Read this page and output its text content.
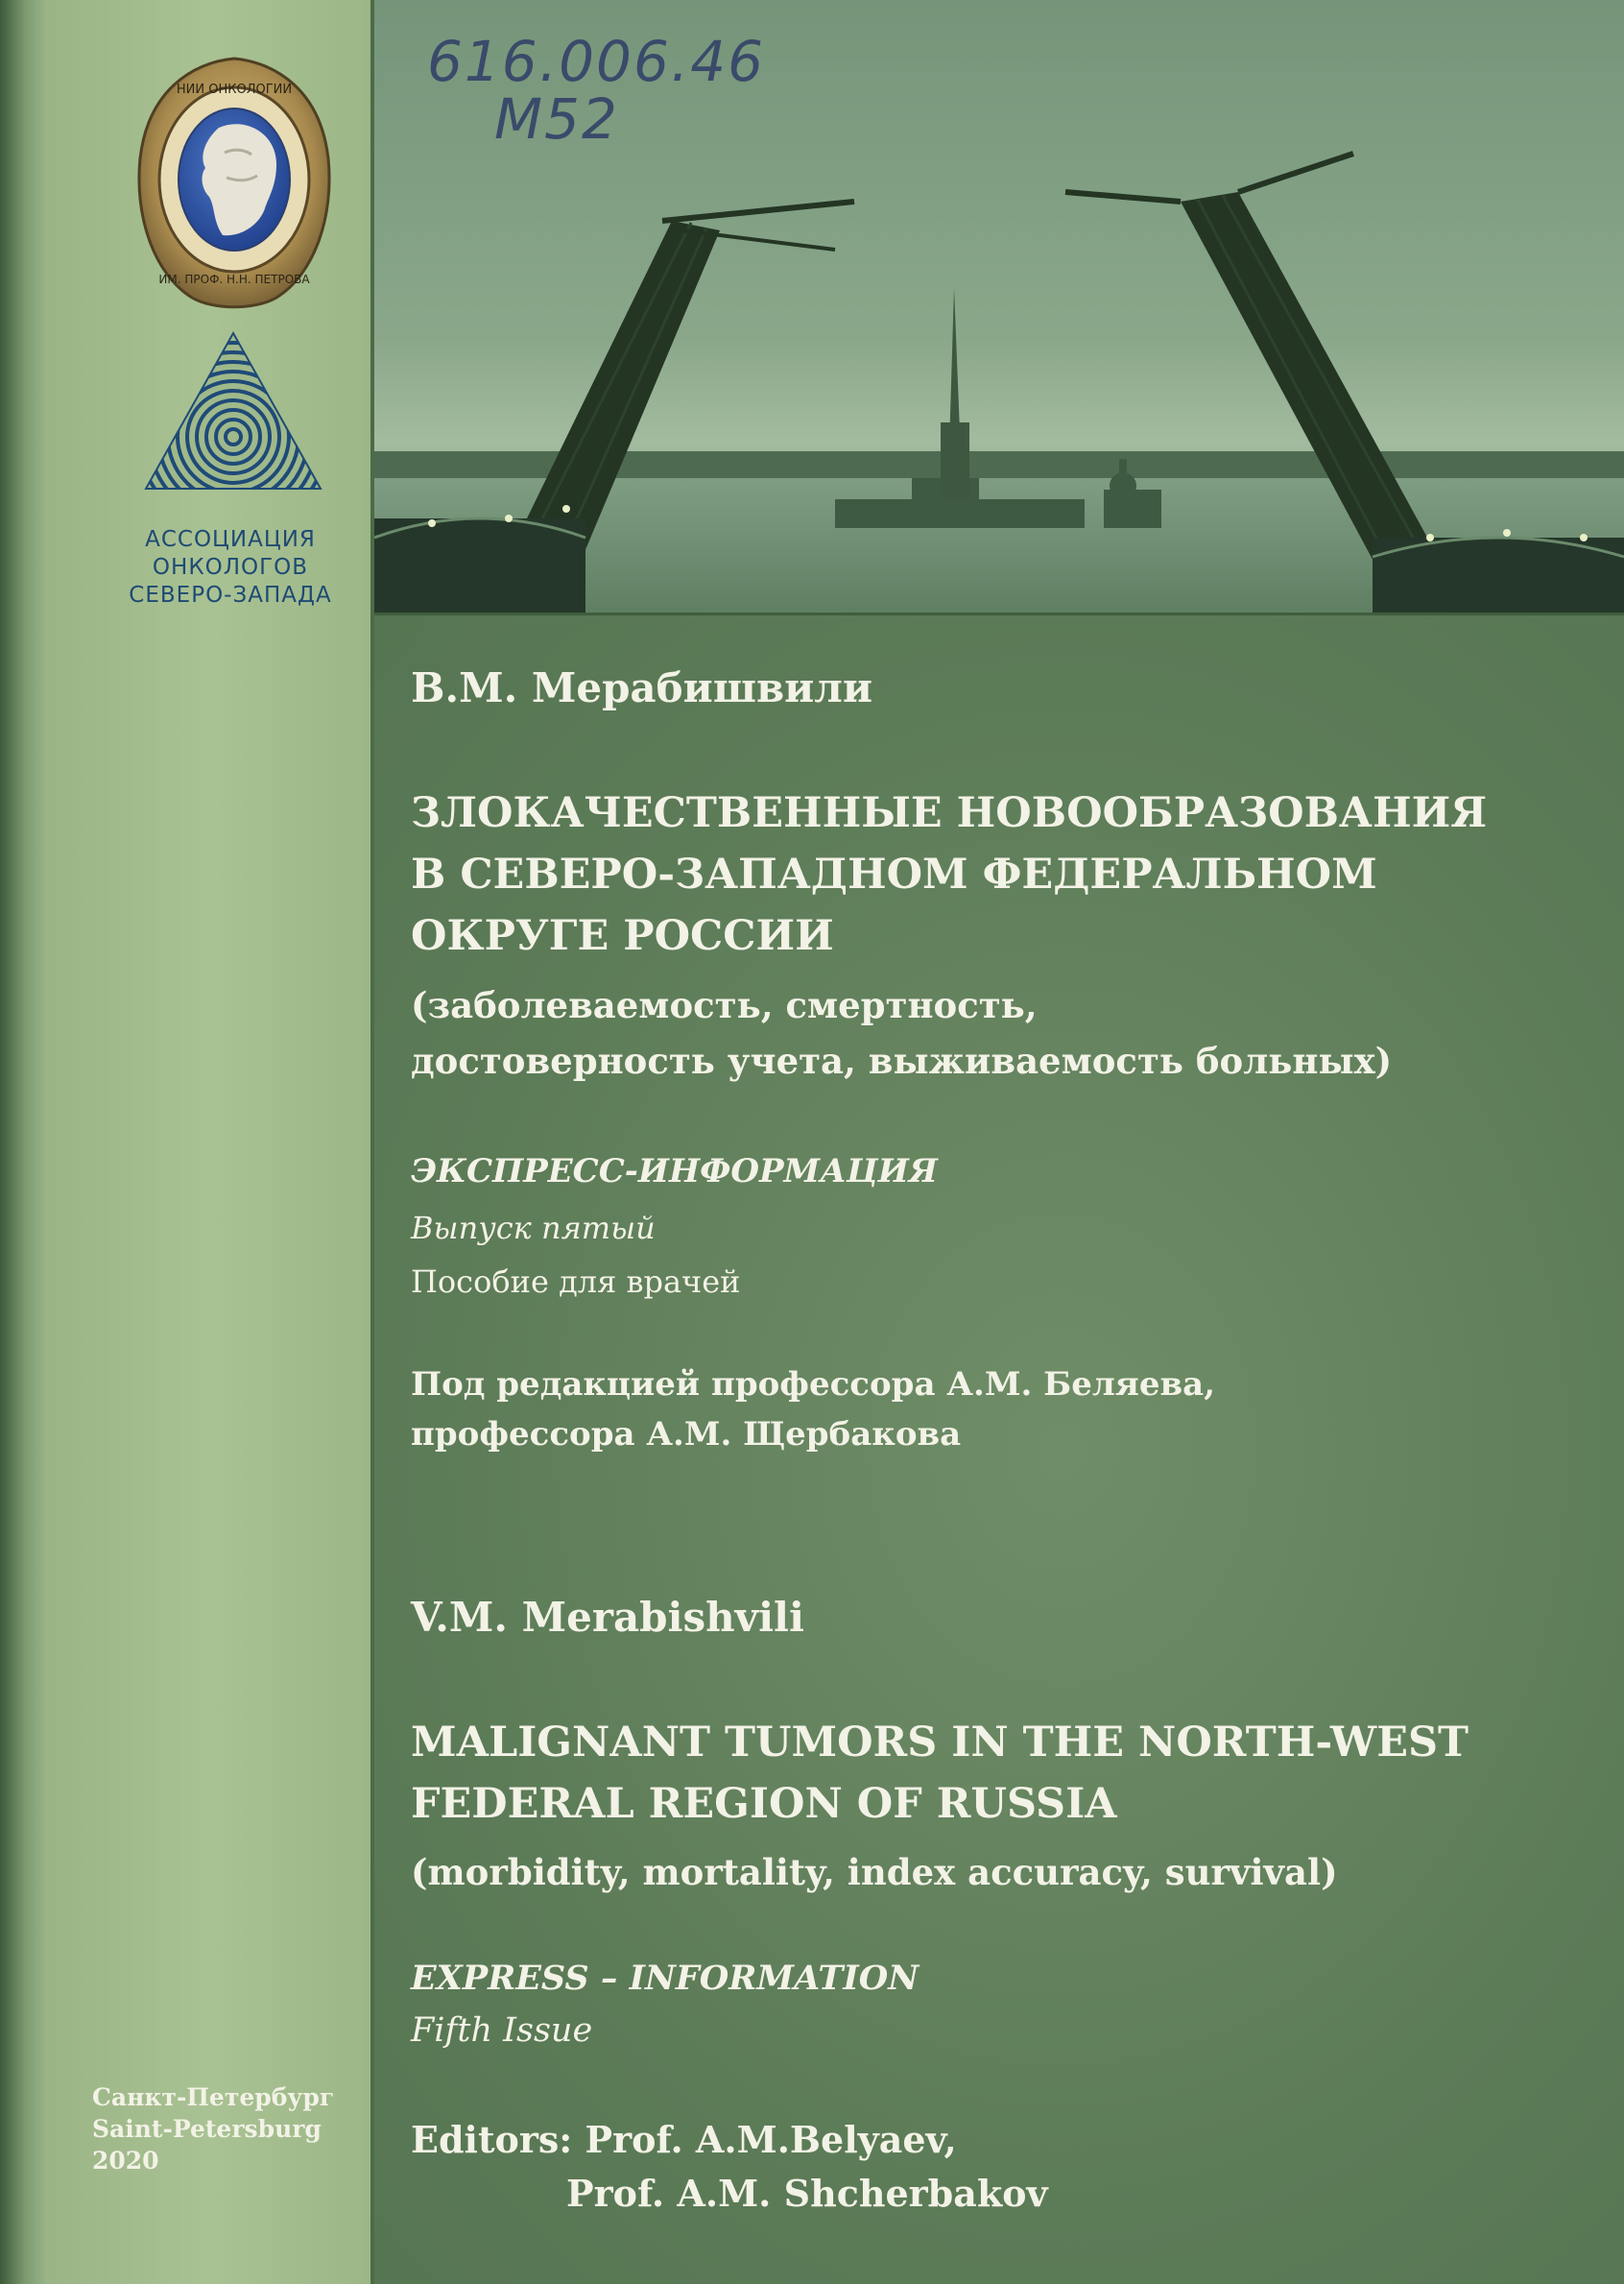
НИИ ОНКОЛОГИИ
ИМ. ПРОФ. Н.Н. ПЕТРОВА
АССОЦИАЦИЯ
ОНКОЛОГОВ
СЕВЕРО-ЗАПАДА
Санкт-Петербург
Saint-Petersburg
2020
616.006.46
M52
В.М. Мерабишвили
ЗЛОКАЧЕСТВЕННЫЕ НОВООБРАЗОВАНИЯ
В СЕВЕРО-ЗАПАДНОМ ФЕДЕРАЛЬНОМ
ОКРУГЕ РОССИИ
(заболеваемость, смертность,
достоверность учета, выживаемость больных)
ЭКСПРЕСС-ИНФОРМАЦИЯ
Выпуск пятый
Пособие для врачей
Под редакцией профессора А.М. Беляева,
профессора А.М. Щербакова
V.M. Merabishvili
MALIGNANT TUMORS IN THE NORTH-WEST
FEDERAL REGION OF RUSSIA
(morbidity, mortality, index accuracy, survival)
EXPRESS – INFORMATION
Fifth Issue
Editors: Prof. A.M.Belyaev,
Prof. A.M. Shcherbakov
